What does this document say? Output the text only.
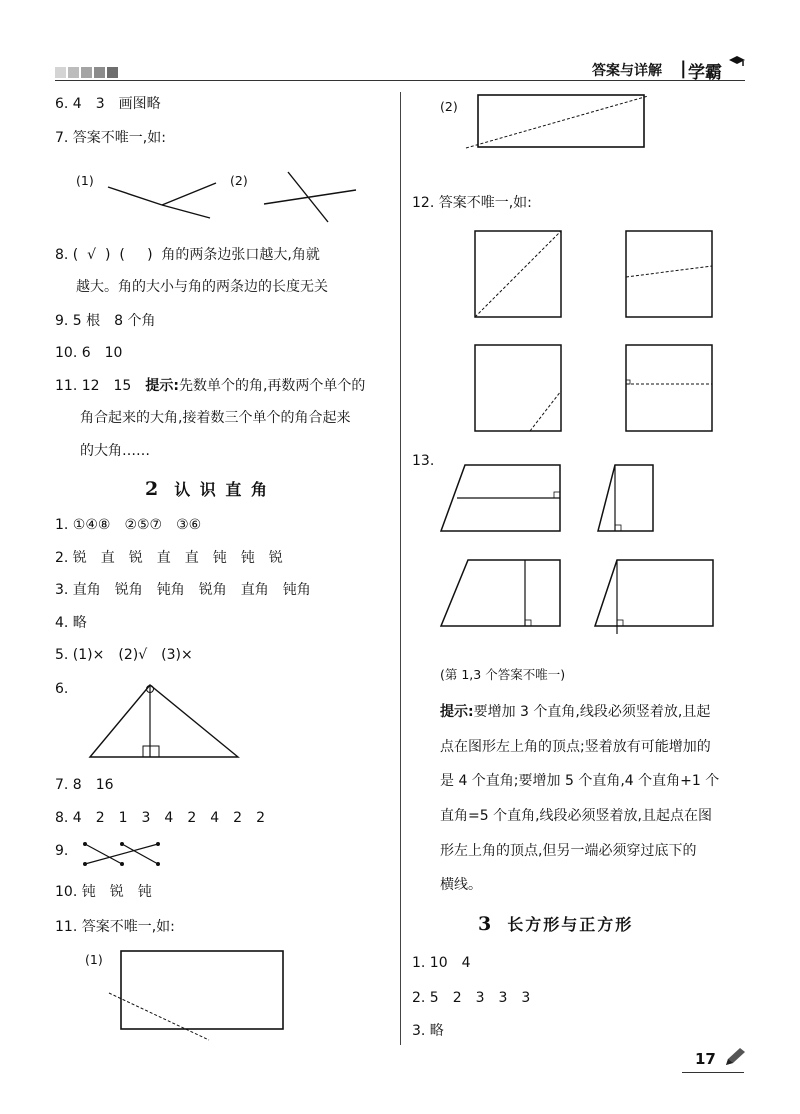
答案与详解 | 学霸
6. 4　3　画图略
7. 答案不唯一,如:
(1)	(2)
8. (  √  )  (     )  角的两条边张口越大,角就
越大。角的大小与角的两条边的长度无关
9. 5 根　8 个角
10. 6　10
11. 12　15　提示:先数单个的角,再数两个单个的
角合起来的大角,接着数三个单个的角合起来
的大角……
2 认 识 直 角
1. ①④⑧　②⑤⑦　③⑥
2. 锐　直　锐　直　直　钝　钝　锐
3. 直角　锐角　钝角　锐角　直角　钝角
4. 略
5. (1)×　(2)√　(3)×
6.
7. 8　16
8. 4　2　1　3　4　2　4　2　2
9.
10. 钝　锐　钝
11. 答案不唯一,如:
(1)
(2)
12. 答案不唯一,如:
13.
(第 1,3 个答案不唯一)
提示:要增加 3 个直角,线段必须竖着放,且起
点在图形左上角的顶点;竖着放有可能增加的
是 4 个直角;要增加 5 个直角,4 个直角+1 个
直角=5 个直角,线段必须竖着放,且起点在图
形左上角的顶点,但另一端必须穿过底下的
横线。
3 长方形与正方形
1. 10　4
2. 5　2　3　3　3
3. 略
17
